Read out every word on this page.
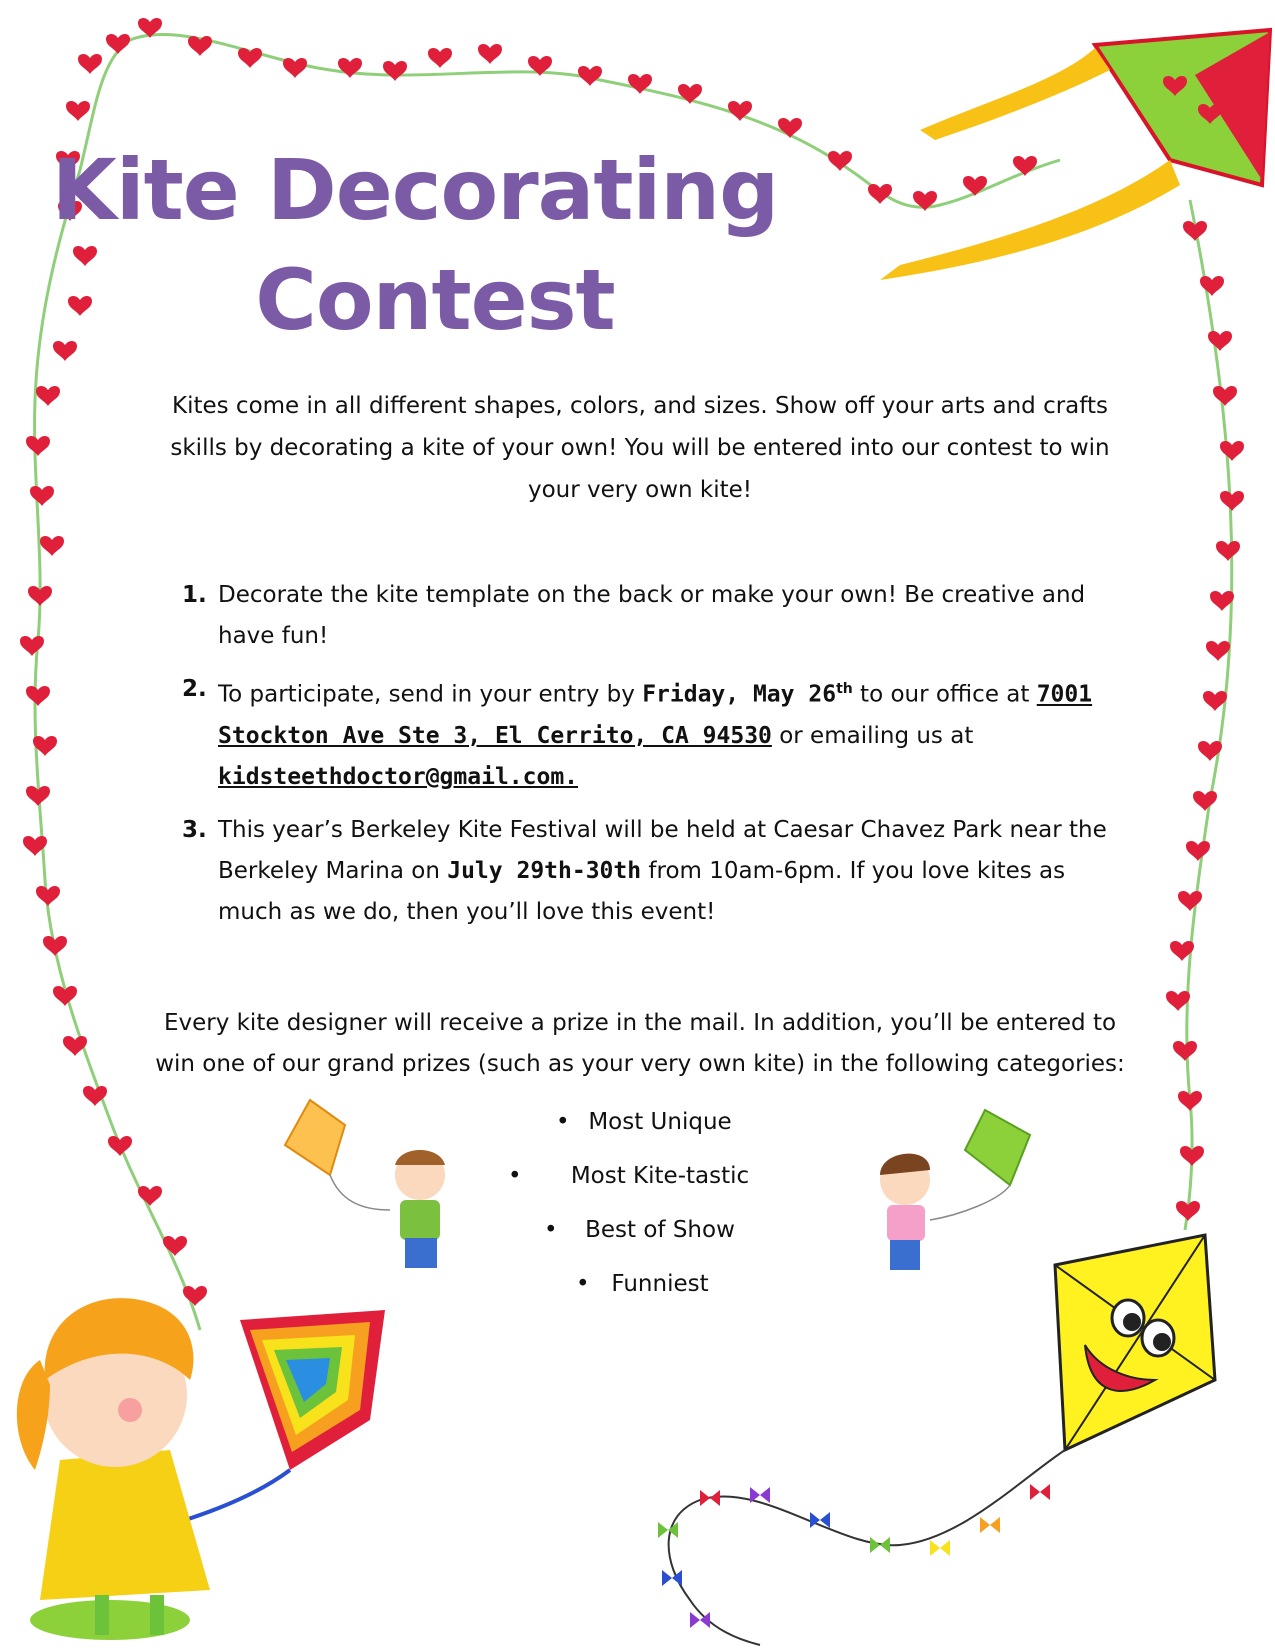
Kite Decorating
Contest

Kites come in all different shapes, colors, and sizes. Show off your arts and crafts skills by decorating a kite of your own! You will be entered into our contest to win your very own kite!

1. Decorate the kite template on the back or make your own! Be creative and have fun!
2. To participate, send in your entry by Friday, May 26th to our office at 7001 Stockton Ave Ste 3, El Cerrito, CA 94530 or emailing us at kidsteethdoctor@gmail.com.
3. This year’s Berkeley Kite Festival will be held at Caesar Chavez Park near the Berkeley Marina on July 29th-30th from 10am-6pm. If you love kites as much as we do, then you’ll love this event!

Every kite designer will receive a prize in the mail. In addition, you’ll be entered to win one of our grand prizes (such as your very own kite) in the following categories:

• Most Unique
• Most Kite-tastic
• Best of Show
• Funniest
